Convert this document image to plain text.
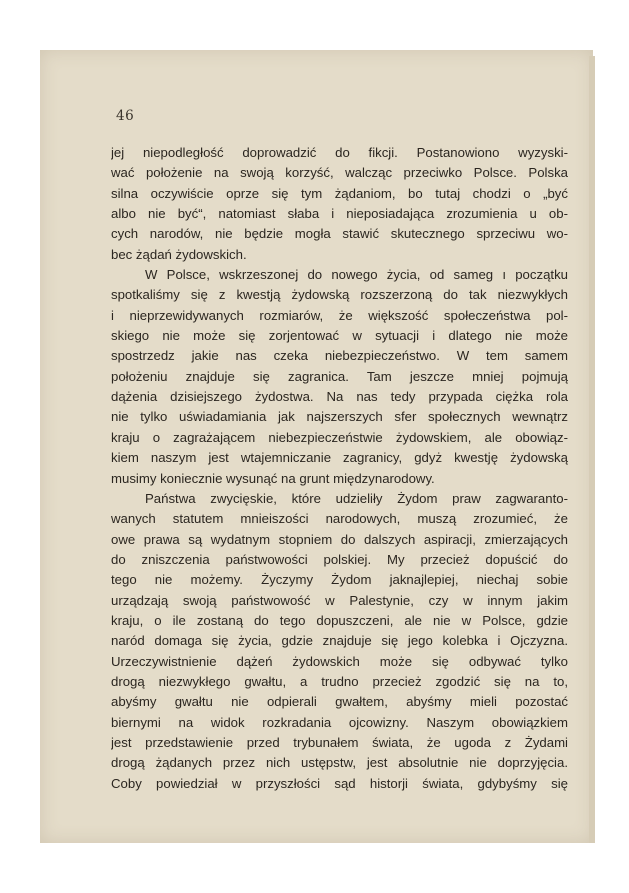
46
jej niepodległość doprowadzić do fikcji. Postanowiono wyzyski-
wać położenie na swoją korzyść, walcząc przeciwko Polsce. Polska
silna oczywiście oprze się tym żądaniom, bo tutaj chodzi o „być
albo nie być“, natomiast słaba i nieposiadająca zrozumienia u ob-
cych narodów, nie będzie mogła stawić skutecznego sprzeciwu wo-
bec żądań żydowskich.
W Polsce, wskrzeszonej do nowego życia, od sameg ı początku
spotkaliśmy się z kwestją żydowską rozszerzoną do tak niezwykłych
i nieprzewidywanych rozmiarów, że większość społeczeństwa pol-
skiego nie może się zorjentować w sytuacji i dlatego nie może
spostrzedz jakie nas czeka niebezpieczeństwo. W tem samem
położeniu znajduje się zagranica. Tam jeszcze mniej pojmują
dążenia dzisiejszego żydostwa. Na nas tedy przypada ciężka rola
nie tylko uświadamiania jak najszerszych sfer społecznych wewnątrz
kraju o zagrażającem niebezpieczeństwie żydowskiem, ale obowiąz-
kiem naszym jest wtajemniczanie zagranicy, gdyż kwestję żydowską
musimy koniecznie wysunąć na grunt międzynarodowy.
Państwa zwycięskie, które udzieliły Żydom praw zagwaranto-
wanych statutem mnieiszości narodowych, muszą zrozumieć, że
owe prawa są wydatnym stopniem do dalszych aspiracji, zmierzających
do zniszczenia państwowości polskiej. My przecież dopuścić do
tego nie możemy. Życzymy Żydom jaknajlepiej, niechaj sobie
urządzają swoją państwowość w Palestynie, czy w innym jakim
kraju, o ile zostaną do tego dopuszczeni, ale nie w Polsce, gdzie
naród domaga się życia, gdzie znajduje się jego kolebka i Ojczyzna.
Urzeczywistnienie dążeń żydowskich może się odbywać tylko
drogą niezwykłego gwałtu, a trudno przecież zgodzić się na to,
abyśmy gwałtu nie odpierali gwałtem, abyśmy mieli pozostać
biernymi na widok rozkradania ojcowizny. Naszym obowiązkiem
jest przedstawienie przed trybunałem świata, że ugoda z Żydami
drogą żądanych przez nich ustępstw, jest absolutnie nie doprzyjęcia.
Coby powiedział w przyszłości sąd historji świata, gdybyśmy się
